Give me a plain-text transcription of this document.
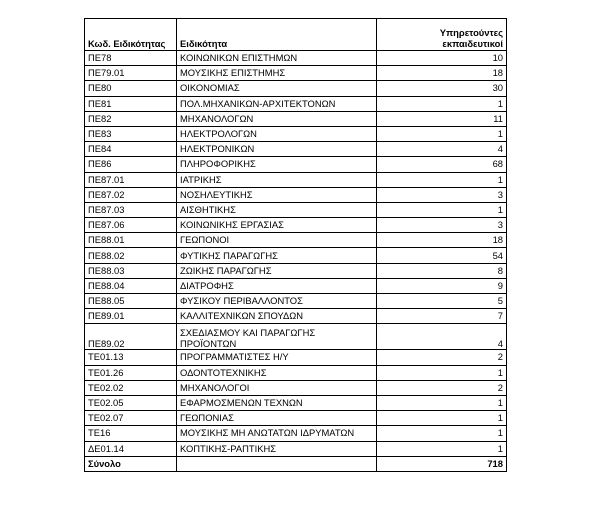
Κωδ. Ειδικότητας	Ειδικότητα	Υπηρετούντες
εκπαιδευτικοί
ΠΕ78	ΚΟΙΝΩΝΙΚΩΝ ΕΠΙΣΤΗΜΩΝ	10
ΠΕ79.01	ΜΟΥΣΙΚΗΣ ΕΠΙΣΤΗΜΗΣ	18
ΠΕ80	ΟΙΚΟΝΟΜΙΑΣ	30
ΠΕ81	ΠΟΛ.ΜΗΧΑΝΙΚΩΝ-ΑΡΧΙΤΕΚΤΟΝΩΝ	1
ΠΕ82	ΜΗΧΑΝΟΛΟΓΩΝ	11
ΠΕ83	ΗΛΕΚΤΡΟΛΟΓΩΝ	1
ΠΕ84	ΗΛΕΚΤΡΟΝΙΚΩΝ	4
ΠΕ86	ΠΛΗΡΟΦΟΡΙΚΗΣ	68
ΠΕ87.01	ΙΑΤΡΙΚΗΣ	1
ΠΕ87.02	ΝΟΣΗΛΕΥΤΙΚΗΣ	3
ΠΕ87.03	ΑΙΣΘΗΤΙΚΗΣ	1
ΠΕ87.06	ΚΟΙΝΩΝΙΚΗΣ ΕΡΓΑΣΙΑΣ	3
ΠΕ88.01	ΓΕΩΠΟΝΟΙ	18
ΠΕ88.02	ΦΥΤΙΚΗΣ ΠΑΡΑΓΩΓΗΣ	54
ΠΕ88.03	ΖΩΙΚΗΣ ΠΑΡΑΓΩΓΗΣ	8
ΠΕ88.04	ΔΙΑΤΡΟΦΗΣ	9
ΠΕ88.05	ΦΥΣΙΚΟΥ ΠΕΡΙΒΑΛΛΟΝΤΟΣ	5
ΠΕ89.01	ΚΑΛΛΙΤΕΧΝΙΚΩΝ ΣΠΟΥΔΩΝ	7
ΠΕ89.02	ΣΧΕΔΙΑΣΜΟΥ ΚΑΙ ΠΑΡΑΓΩΓΗΣ
ΠΡΟΪΟΝΤΩΝ	4
ΤΕ01.13	ΠΡΟΓΡΑΜΜΑΤΙΣΤΕΣ Η/Υ	2
ΤΕ01.26	ΟΔΟΝΤΟΤΕΧΝΙΚΗΣ	1
ΤΕ02.02	ΜΗΧΑΝΟΛΟΓΟΙ	2
ΤΕ02.05	ΕΦΑΡΜΟΣΜΕΝΩΝ ΤΕΧΝΩΝ	1
ΤΕ02.07	ΓΕΩΠΟΝΙΑΣ	1
ΤΕ16	ΜΟΥΣΙΚΗΣ ΜΗ ΑΝΩΤΑΤΩΝ ΙΔΡΥΜΑΤΩΝ	1
ΔΕ01.14	ΚΟΠΤΙΚΗΣ-ΡΑΠΤΙΚΗΣ	1
Σύνολο		718
